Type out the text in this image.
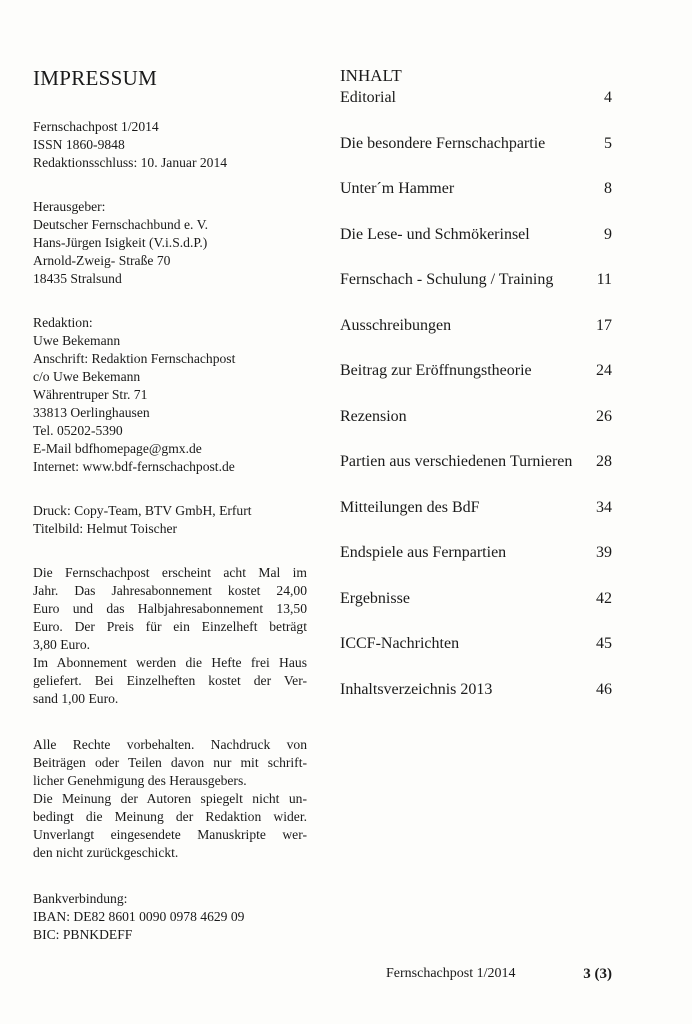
IMPRESSUM
Fernschachpost 1/2014
ISSN 1860-9848
Redaktionsschluss: 10. Januar 2014
Herausgeber:
Deutscher Fernschachbund e. V.
Hans-Jürgen Isigkeit (V.i.S.d.P.)
Arnold-Zweig- Straße 70
18435 Stralsund
Redaktion:
Uwe Bekemann
Anschrift: Redaktion Fernschachpost
c/o Uwe Bekemann
Währentruper Str. 71
33813 Oerlinghausen
Tel. 05202-5390
E-Mail bdfhomepage@gmx.de
Internet: www.bdf-fernschachpost.de
Druck: Copy-Team, BTV GmbH, Erfurt
Titelbild: Helmut Toischer
Die Fernschachpost erscheint acht Mal im
Jahr. Das Jahresabonnement kostet 24,00
Euro und das Halbjahresabonnement 13,50
Euro. Der Preis für ein Einzelheft beträgt
3,80 Euro.
Im Abonnement werden die Hefte frei Haus
geliefert. Bei Einzelheften kostet der Ver-
sand 1,00 Euro.
Alle Rechte vorbehalten. Nachdruck von
Beiträgen oder Teilen davon nur mit schrift-
licher Genehmigung des Herausgebers.
Die Meinung der Autoren spiegelt nicht un-
bedingt die Meinung der Redaktion wider.
Unverlangt eingesendete Manuskripte wer-
den nicht zurückgeschickt.
Bankverbindung:
IBAN: DE82 8601 0090 0978 4629 09
BIC: PBNKDEFF
INHALT
Editorial	4
Die besondere Fernschachpartie	5
Unter´m Hammer	8
Die Lese- und Schmökerinsel	9
Fernschach - Schulung / Training	11
Ausschreibungen	17
Beitrag zur Eröffnungstheorie	24
Rezension	26
Partien aus verschiedenen Turnieren	28
Mitteilungen des BdF	34
Endspiele aus Fernpartien	39
Ergebnisse	42
ICCF-Nachrichten	45
Inhaltsverzeichnis 2013	46
Fernschachpost 1/2014	3 (3)
